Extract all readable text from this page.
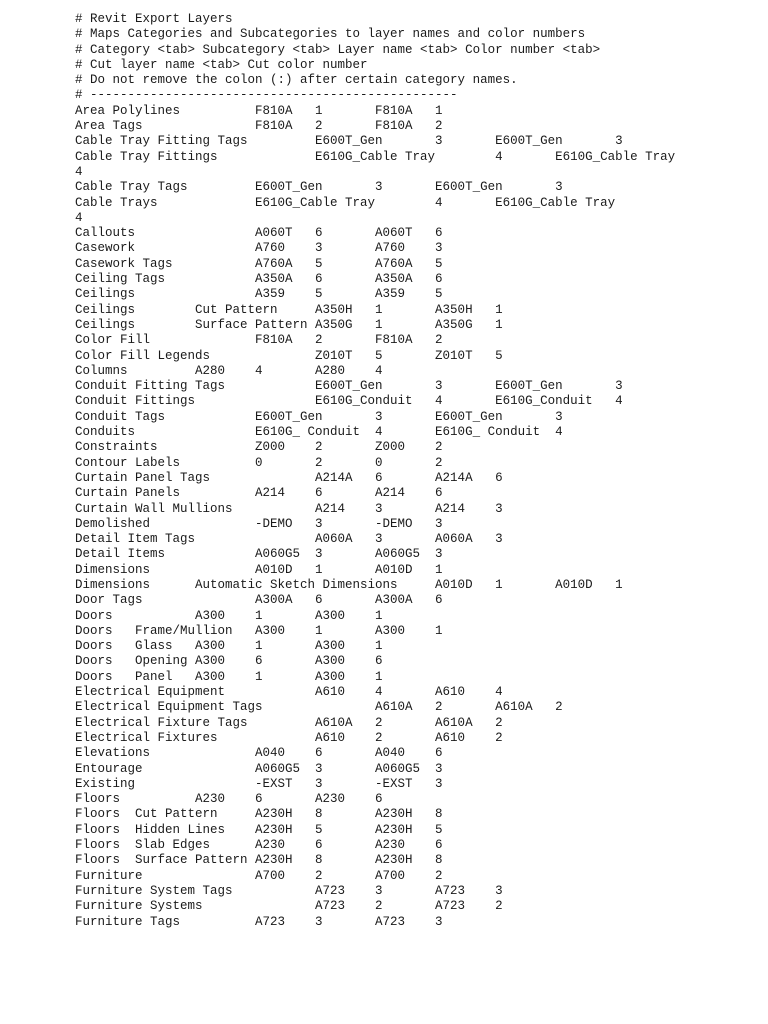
# Revit Export Layers
# Maps Categories and Subcategories to layer names and color numbers
# Category <tab> Subcategory <tab> Layer name <tab> Color number <tab>
# Cut layer name <tab> Cut color number
# Do not remove the colon (:) after certain category names.
# -------------------------------------------------
Area Polylines          F810A   1       F810A   1
Area Tags               F810A   2       F810A   2
Cable Tray Fitting Tags         E600T_Gen       3       E600T_Gen       3
Cable Tray Fittings             E610G_Cable Tray        4       E610G_Cable Tray
4
Cable Tray Tags         E600T_Gen       3       E600T_Gen       3
Cable Trays             E610G_Cable Tray        4       E610G_Cable Tray
4
Callouts                A060T   6       A060T   6
Casework                A760    3       A760    3
Casework Tags           A760A   5       A760A   5
Ceiling Tags            A350A   6       A350A   6
Ceilings                A359    5       A359    5
Ceilings        Cut Pattern     A350H   1       A350H   1
Ceilings        Surface Pattern A350G   1       A350G   1
Color Fill              F810A   2       F810A   2
Color Fill Legends              Z010T   5       Z010T   5
Columns         A280    4       A280    4
Conduit Fitting Tags            E600T_Gen       3       E600T_Gen       3
Conduit Fittings                E610G_Conduit   4       E610G_Conduit   4
Conduit Tags            E600T_Gen       3       E600T_Gen       3
Conduits                E610G_ Conduit  4       E610G_ Conduit  4
Constraints             Z000    2       Z000    2
Contour Labels          0       2       0       2
Curtain Panel Tags              A214A   6       A214A   6
Curtain Panels          A214    6       A214    6
Curtain Wall Mullions           A214    3       A214    3
Demolished              -DEMO   3       -DEMO   3
Detail Item Tags                A060A   3       A060A   3
Detail Items            A060G5  3       A060G5  3
Dimensions              A010D   1       A010D   1
Dimensions      Automatic Sketch Dimensions     A010D   1       A010D   1
Door Tags               A300A   6       A300A   6
Doors           A300    1       A300    1
Doors   Frame/Mullion   A300    1       A300    1
Doors   Glass   A300    1       A300    1
Doors   Opening A300    6       A300    6
Doors   Panel   A300    1       A300    1
Electrical Equipment            A610    4       A610    4
Electrical Equipment Tags               A610A   2       A610A   2
Electrical Fixture Tags         A610A   2       A610A   2
Electrical Fixtures             A610    2       A610    2
Elevations              A040    6       A040    6
Entourage               A060G5  3       A060G5  3
Existing                -EXST   3       -EXST   3
Floors          A230    6       A230    6
Floors  Cut Pattern     A230H   8       A230H   8
Floors  Hidden Lines    A230H   5       A230H   5
Floors  Slab Edges      A230    6       A230    6
Floors  Surface Pattern A230H   8       A230H   8
Furniture               A700    2       A700    2
Furniture System Tags           A723    3       A723    3
Furniture Systems               A723    2       A723    2
Furniture Tags          A723    3       A723    3
